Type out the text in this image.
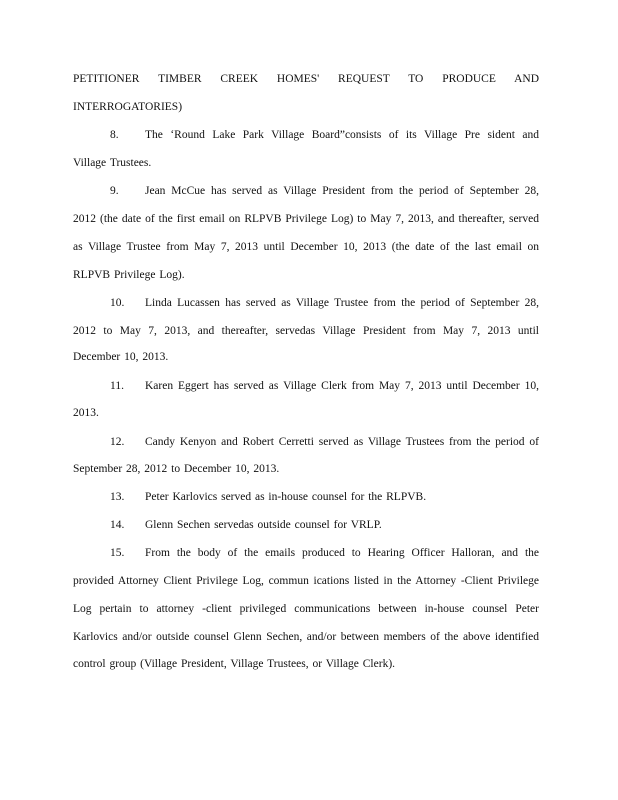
PETITIONER TIMBER CREEK HOMES' REQUEST TO PRODUCE AND
INTERROGATORIES)
8. The ‘Round Lake Park Village Board”consists of its Village Pre sident and
Village Trustees.
9. Jean McCue has served as Village President from the period of September 28,
2012 (the date of the first email on RLPVB Privilege Log) to May 7, 2013, and thereafter, served
as Village Trustee from May 7, 2013 until December 10, 2013 (the date of the last email on
RLPVB Privilege Log).
10. Linda Lucassen has served as Village Trustee from the period of September 28,
2012 to May 7, 2013, and thereafter, servedas Village President from May 7, 2013 until
December 10, 2013.
11. Karen Eggert has served as Village Clerk from May 7, 2013 until December 10,
2013.
12. Candy Kenyon and Robert Cerretti served as Village Trustees from the period of
September 28, 2012 to December 10, 2013.
13. Peter Karlovics served as in-house counsel for the RLPVB.
14. Glenn Sechen servedas outside counsel for VRLP.
15. From the body of the emails produced to Hearing Officer Halloran, and the
provided Attorney Client Privilege Log, commun ications listed in the Attorney -Client Privilege
Log pertain to attorney -client privileged communications between in-house counsel Peter
Karlovics and/or outside counsel Glenn Sechen, and/or between members of the above identified
control group (Village President, Village Trustees, or Village Clerk).
